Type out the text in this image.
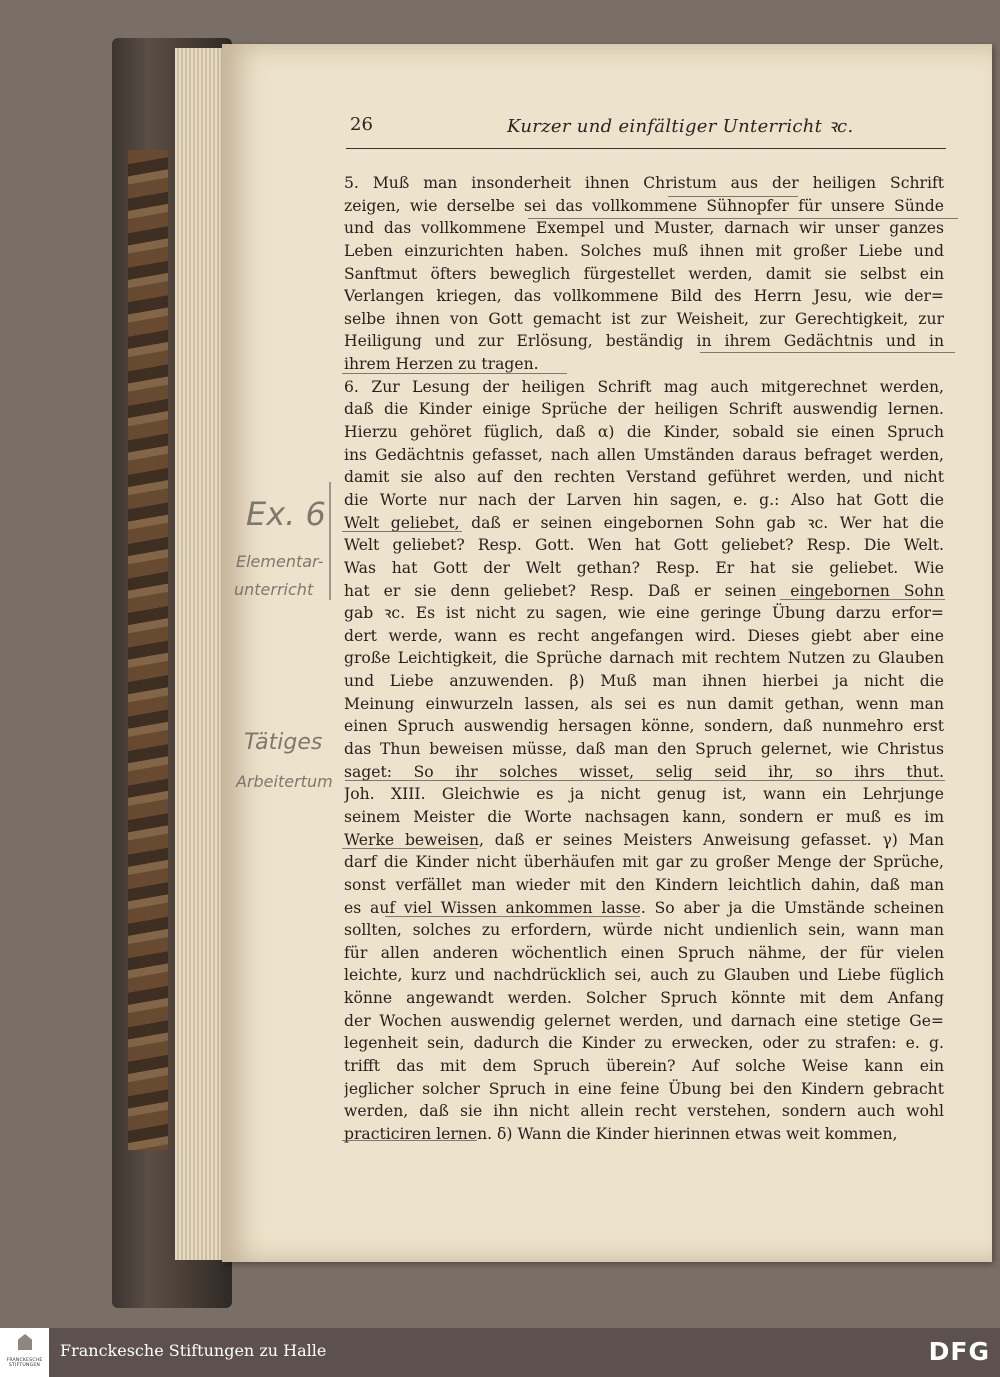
26	Kurzer und einfältiger Unterricht ꝛc.
5. Muß man insonderheit ihnen Christum aus der heiligen Schrift
zeigen, wie derselbe sei das vollkommene Sühnopfer für unsere Sünde
und das vollkommene Exempel und Muster, darnach wir unser ganzes
Leben einzurichten haben. Solches muß ihnen mit großer Liebe und
Sanftmut öfters beweglich fürgestellet werden, damit sie selbst ein
Verlangen kriegen, das vollkommene Bild des Herrn Jesu, wie der=
selbe ihnen von Gott gemacht ist zur Weisheit, zur Gerechtigkeit, zur
Heiligung und zur Erlösung, beständig in ihrem Gedächtnis und in
ihrem Herzen zu tragen.
6. Zur Lesung der heiligen Schrift mag auch mitgerechnet werden,
daß die Kinder einige Sprüche der heiligen Schrift auswendig lernen.
Hierzu gehöret füglich, daß α) die Kinder, sobald sie einen Spruch
ins Gedächtnis gefasset, nach allen Umständen daraus befraget werden,
damit sie also auf den rechten Verstand geführet werden, und nicht
die Worte nur nach der Larven hin sagen, e. g.: Also hat Gott die
Welt geliebet, daß er seinen eingebornen Sohn gab ꝛc. Wer hat die
Welt geliebet? Resp. Gott. Wen hat Gott geliebet? Resp. Die Welt.
Was hat Gott der Welt gethan? Resp. Er hat sie geliebet. Wie
hat er sie denn geliebet? Resp. Daß er seinen eingebornen Sohn
gab ꝛc. Es ist nicht zu sagen, wie eine geringe Übung darzu erfor=
dert werde, wann es recht angefangen wird. Dieses giebt aber eine
große Leichtigkeit, die Sprüche darnach mit rechtem Nutzen zu Glauben
und Liebe anzuwenden. β) Muß man ihnen hierbei ja nicht die
Meinung einwurzeln lassen, als sei es nun damit gethan, wenn man
einen Spruch auswendig hersagen könne, sondern, daß nunmehro erst
das Thun beweisen müsse, daß man den Spruch gelernet, wie Christus
saget: So ihr solches wisset, selig seid ihr, so ihrs thut.
Joh. XIII. Gleichwie es ja nicht genug ist, wann ein Lehrjunge
seinem Meister die Worte nachsagen kann, sondern er muß es im
Werke beweisen, daß er seines Meisters Anweisung gefasset. γ) Man
darf die Kinder nicht überhäufen mit gar zu großer Menge der Sprüche,
sonst verfället man wieder mit den Kindern leichtlich dahin, daß man
es auf viel Wissen ankommen lasse. So aber ja die Umstände scheinen
sollten, solches zu erfordern, würde nicht undienlich sein, wann man
für allen anderen wöchentlich einen Spruch nähme, der für vielen
leichte, kurz und nachdrücklich sei, auch zu Glauben und Liebe füglich
könne angewandt werden. Solcher Spruch könnte mit dem Anfang
der Wochen auswendig gelernet werden, und darnach eine stetige Ge=
legenheit sein, dadurch die Kinder zu erwecken, oder zu strafen: e. g.
trifft das mit dem Spruch überein? Auf solche Weise kann ein
jeglicher solcher Spruch in eine feine Übung bei den Kindern gebracht
werden, daß sie ihn nicht allein recht verstehen, sondern auch wohl
practiciren lernen. δ) Wann die Kinder hierinnen etwas weit kommen,
Ex. 6
Elementar-
unterricht
Tätiges
Arbeitertum
FRANCKESCHE STIFTUNGEN
Franckesche Stiftungen zu Halle	DFG
